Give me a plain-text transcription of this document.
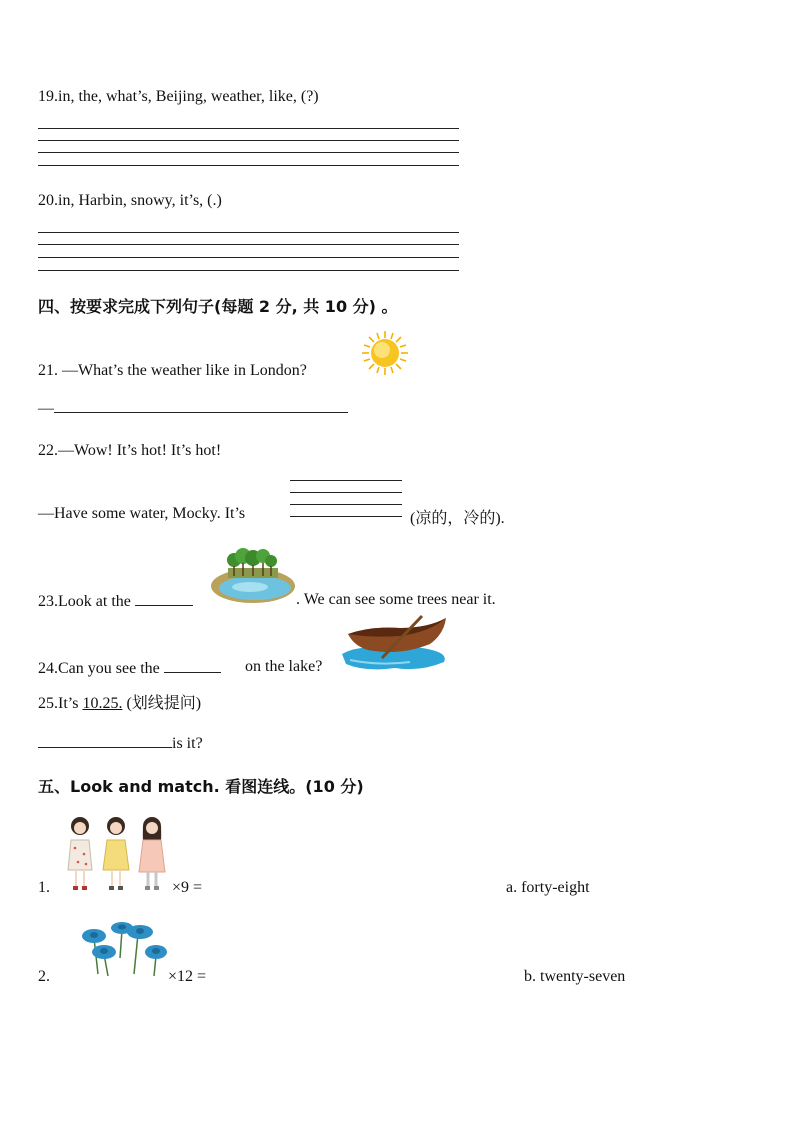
19.in, the, what’s, Beijing, weather, like, (?)
20.in, Harbin, snowy, it’s, (.)
四、按要求完成下列句子(每题 2 分, 共 10 分) 。
21. —What’s the weather like in London?
—
22.—Wow! It’s hot! It’s hot!
—Have some water, Mocky. It’s	(凉的，冷的).
23.Look at the	. We can see some trees near it.
24.Can you see the	on the lake?
25.It’s 10.25. (划线提问)
is it?
五、Look and match. 看图连线。(10 分)
1.	×9 =	a. forty-eight
2.	×12 =	b. twenty-seven
